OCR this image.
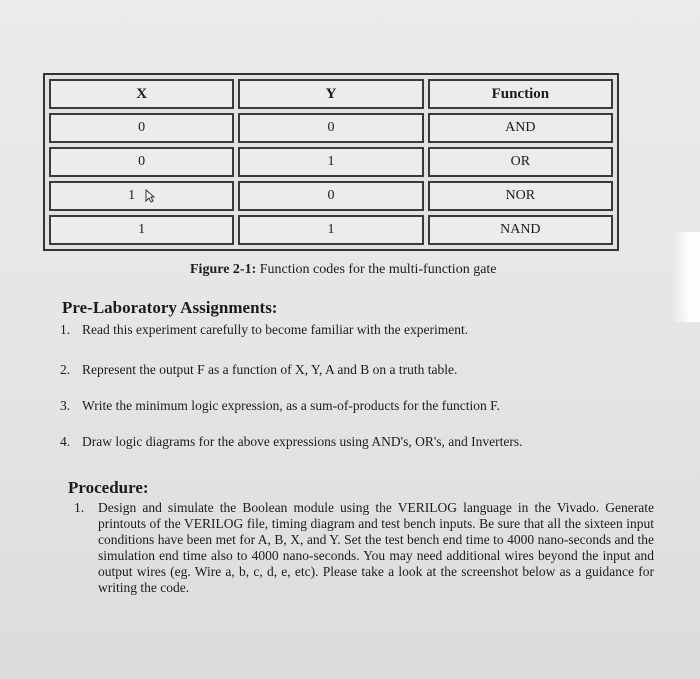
X	Y	Function
0	0	AND
0	1	OR
1	0	NOR
1	1	NAND
Figure 2-1: Function codes for the multi-function gate
Pre-Laboratory Assignments:
1. Read this experiment carefully to become familiar with the experiment.
2. Represent the output F as a function of X, Y, A and B on a truth table.
3. Write the minimum logic expression, as a sum-of-products for the function F.
4. Draw logic diagrams for the above expressions using AND's, OR's, and Inverters.
Procedure:
1. Design and simulate the Boolean module using the VERILOG language in the Vivado. Generate printouts of the VERILOG file, timing diagram and test bench inputs. Be sure that all the sixteen input conditions have been met for A, B, X, and Y. Set the test bench end time to 4000 nano-seconds and the simulation end time also to 4000 nano-seconds. You may need additional wires beyond the input and output wires (eg. Wire a, b, c, d, e, etc). Please take a look at the screenshot below as a guidance for writing the code.
